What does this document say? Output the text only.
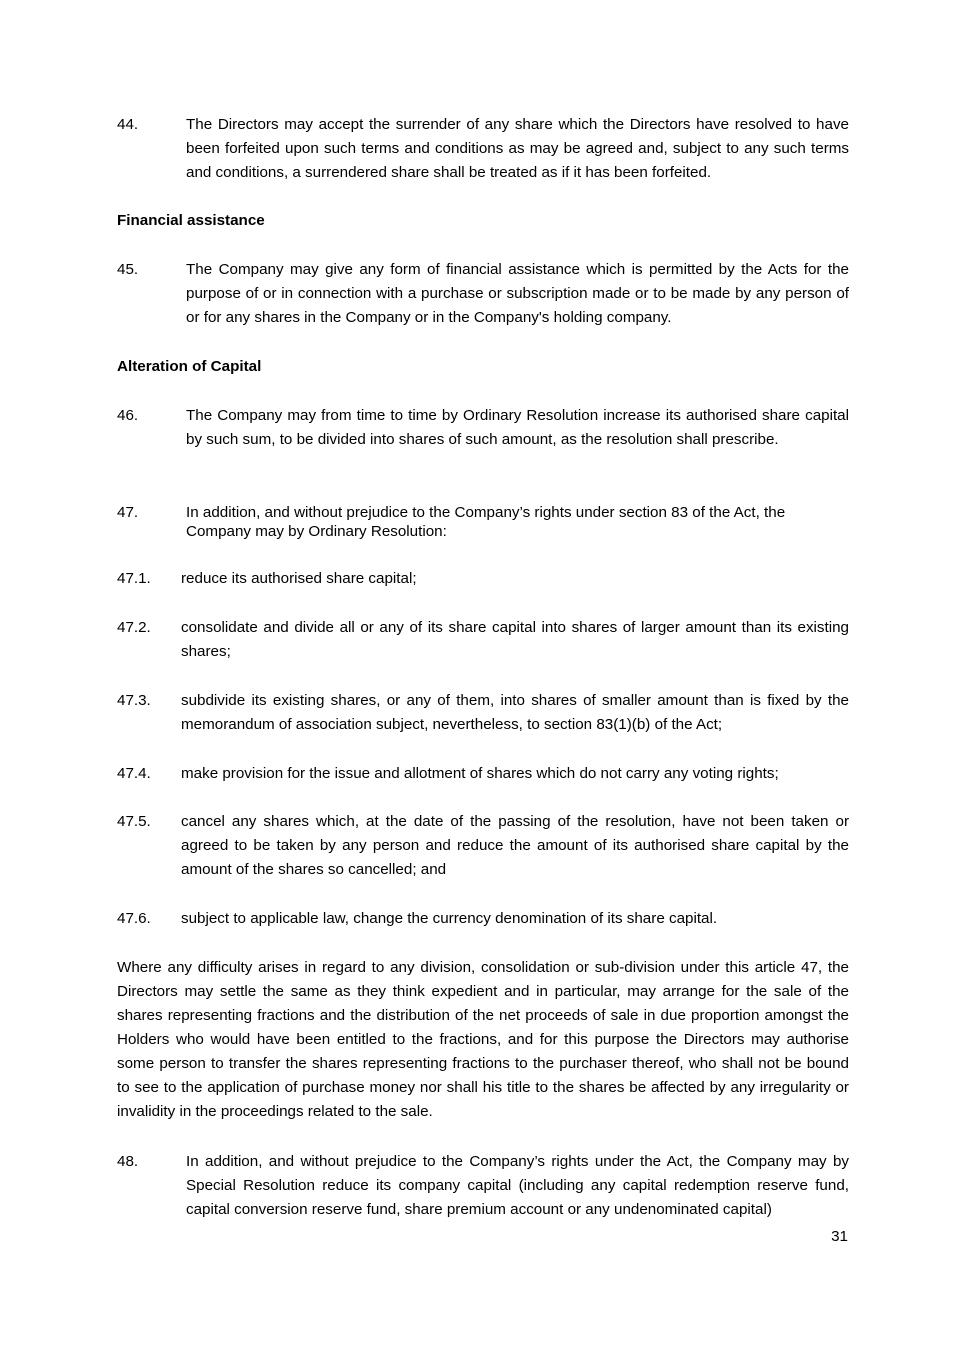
44.	The Directors may accept the surrender of any share which the Directors have resolved to have been forfeited upon such terms and conditions as may be agreed and, subject to any such terms and conditions, a surrendered share shall be treated as if it has been forfeited.
Financial assistance
45.	The Company may give any form of financial assistance which is permitted by the Acts for the purpose of or in connection with a purchase or subscription made or to be made by any person of or for any shares in the Company or in the Company's holding company.
Alteration of Capital
46.	The Company may from time to time by Ordinary Resolution increase its authorised share capital by such sum, to be divided into shares of such amount, as the resolution shall prescribe.
47.	In addition, and without prejudice to the Company’s rights under section 83 of the Act, the Company may by Ordinary Resolution:
47.1. reduce its authorised share capital;
47.2. consolidate and divide all or any of its share capital into shares of larger amount than its existing shares;
47.3. subdivide its existing shares, or any of them, into shares of smaller amount than is fixed by the memorandum of association subject, nevertheless, to section 83(1)(b) of the Act;
47.4. make provision for the issue and allotment of shares which do not carry any voting rights;
47.5. cancel any shares which, at the date of the passing of the resolution, have not been taken or agreed to be taken by any person and reduce the amount of its authorised share capital by the amount of the shares so cancelled; and
47.6. subject to applicable law, change the currency denomination of its share capital.
Where any difficulty arises in regard to any division, consolidation or sub-division under this article 47, the Directors may settle the same as they think expedient and in particular, may arrange for the sale of the shares representing fractions and the distribution of the net proceeds of sale in due proportion amongst the Holders who would have been entitled to the fractions, and for this purpose the Directors may authorise some person to transfer the shares representing fractions to the purchaser thereof, who shall not be bound to see to the application of purchase money nor shall his title to the shares be affected by any irregularity or invalidity in the proceedings related to the sale.
48.	In addition, and without prejudice to the Company’s rights under the Act, the Company may by Special Resolution reduce its company capital (including any capital redemption reserve fund, capital conversion reserve fund, share premium account or any undenominated capital)
31
